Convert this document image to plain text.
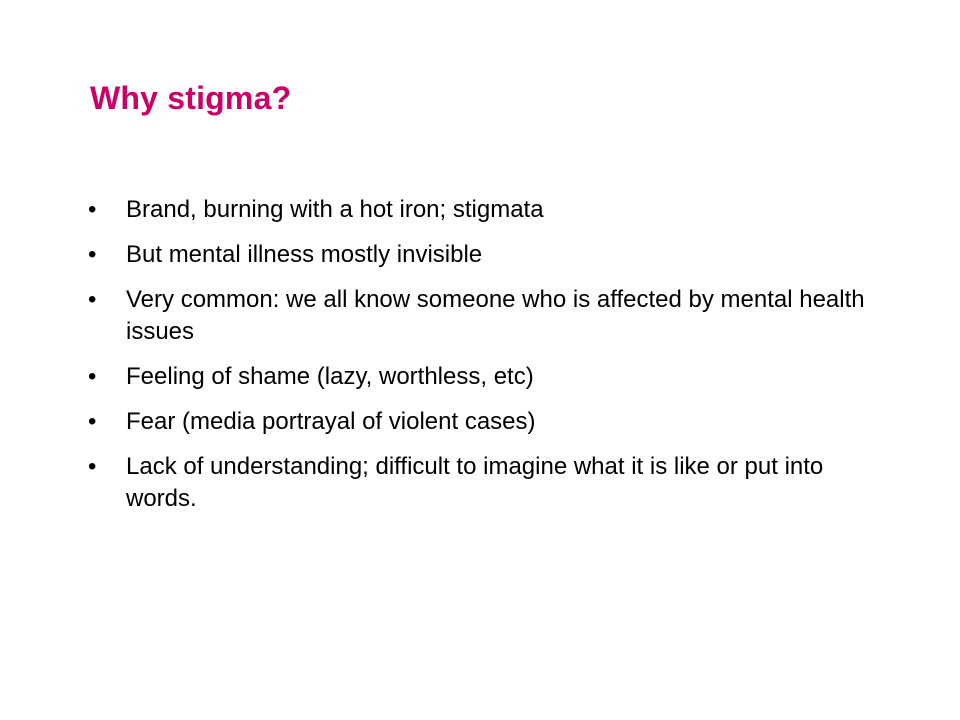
Why stigma?
• Brand, burning with a hot iron; stigmata
• But mental illness mostly invisible
• Very common: we all know someone who is affected by mental health issues
• Feeling of shame (lazy, worthless, etc)
• Fear (media portrayal of violent cases)
• Lack of understanding; difficult to imagine what it is like or put into words.
